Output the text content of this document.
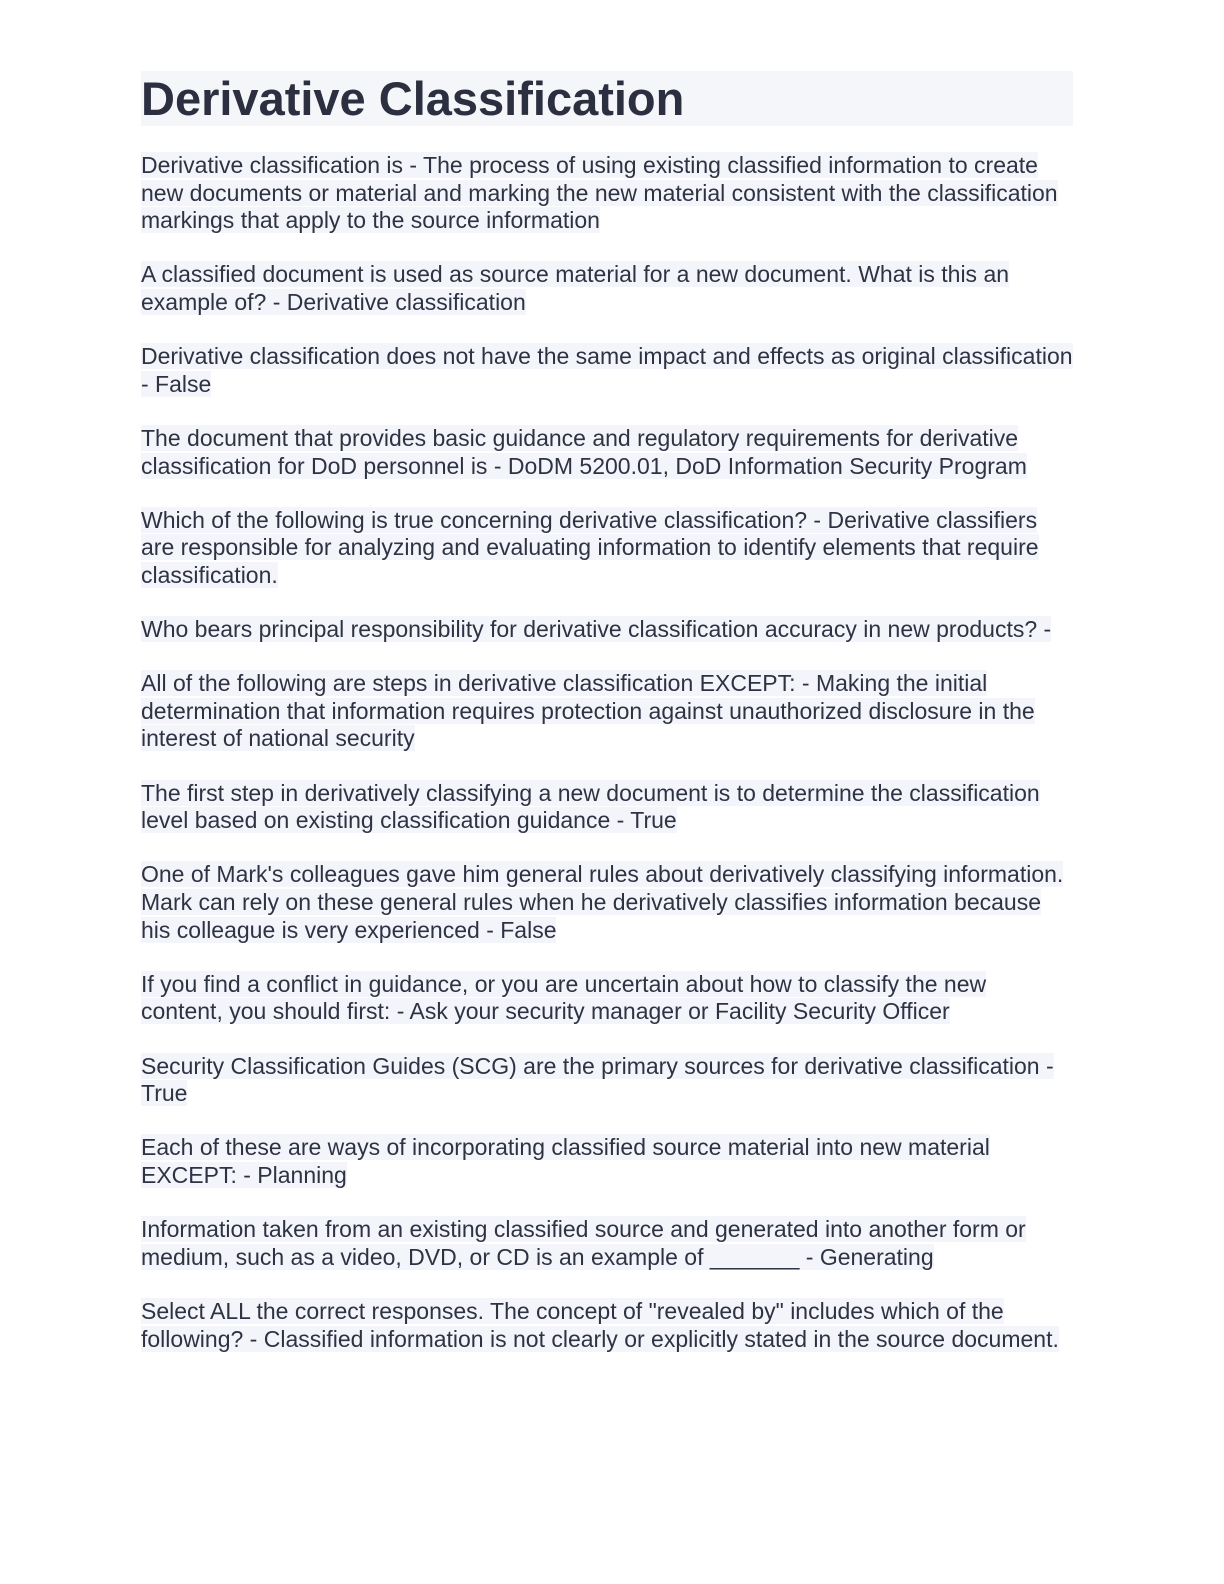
Derivative Classification

Derivative classification is - The process of using existing classified information to create new documents or material and marking the new material consistent with the classification markings that apply to the source information

A classified document is used as source material for a new document. What is this an example of? - Derivative classification

Derivative classification does not have the same impact and effects as original classification - False

The document that provides basic guidance and regulatory requirements for derivative classification for DoD personnel is - DoDM 5200.01, DoD Information Security Program

Which of the following is true concerning derivative classification? - Derivative classifiers are responsible for analyzing and evaluating information to identify elements that require classification.

Who bears principal responsibility for derivative classification accuracy in new products? -

All of the following are steps in derivative classification EXCEPT: - Making the initial determination that information requires protection against unauthorized disclosure in the interest of national security

The first step in derivatively classifying a new document is to determine the classification level based on existing classification guidance - True

One of Mark's colleagues gave him general rules about derivatively classifying information. Mark can rely on these general rules when he derivatively classifies information because his colleague is very experienced - False

If you find a conflict in guidance, or you are uncertain about how to classify the new content, you should first: - Ask your security manager or Facility Security Officer

Security Classification Guides (SCG) are the primary sources for derivative classification - True

Each of these are ways of incorporating classified source material into new material EXCEPT: - Planning

Information taken from an existing classified source and generated into another form or medium, such as a video, DVD, or CD is an example of _______ - Generating

Select ALL the correct responses. The concept of "revealed by" includes which of the following? - Classified information is not clearly or explicitly stated in the source document.
